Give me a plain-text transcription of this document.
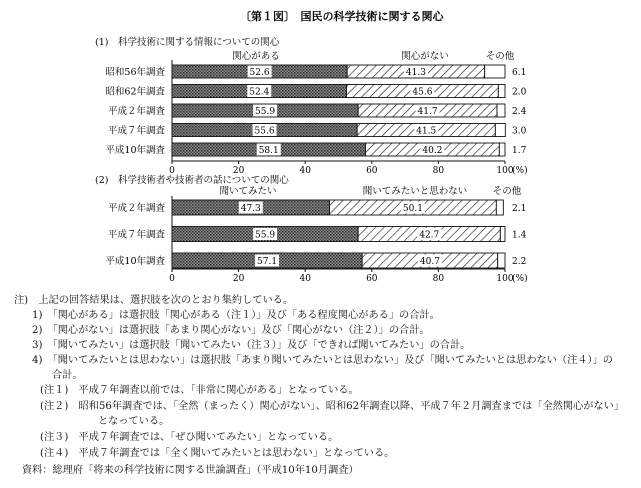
〔第１図〕　国民の科学技術に関する関心
(1)　科学技術に関する情報についての関心
関心がある	関心がない	その他
昭和56年調査	52.6	41.3	6.1
昭和62年調査	52.4	45.6	2.0
平成２年調査	55.9	41.7	2.4
平成７年調査	55.6	41.5	3.0
平成10年調査	58.1	40.2	1.7
0	20	40	60	80	100
(%)
(2)　科学技術者や技術者の話についての関心
聞いてみたい	聞いてみたいと思わない	その他
平成２年調査	47.3	50.1	2.1
平成７年調査	55.9	42.7	1.4
平成10年調査	57.1	40.7	2.2
0	20	40	60	80	100
(%)
注)　上記の回答結果は、選択肢を次のとおり集約している。
1)　「関心がある」は選択肢「関心がある（注１）」及び「ある程度関心がある」の合計。
2)　「関心がない」は選択肢「あまり関心がない」及び「関心がない（注２）」の合計。
3)　「聞いてみたい」は選択肢「聞いてみたい（注３）」及び「できれば聞いてみたい」の合計。
4)　「聞いてみたいとは思わない」は選択肢「あまり聞いてみたいとは思わない」及び「聞いてみたいとは思わない（注４）」の
合計。
(注１)　平成７年調査以前では、「非常に関心がある」となっている。
(注２)　昭和56年調査では、「全然（まったく）関心がない」、昭和62年調査以降、平成７年２月調査までは「全然関心がない」
となっている。
(注３)　平成７年調査では、「ぜひ聞いてみたい」となっている。
(注４)　平成７年調査では「全く聞いてみたいとは思わない」となっている。
資料：総理府「将来の科学技術に関する世論調査」（平成10年10月調査）
